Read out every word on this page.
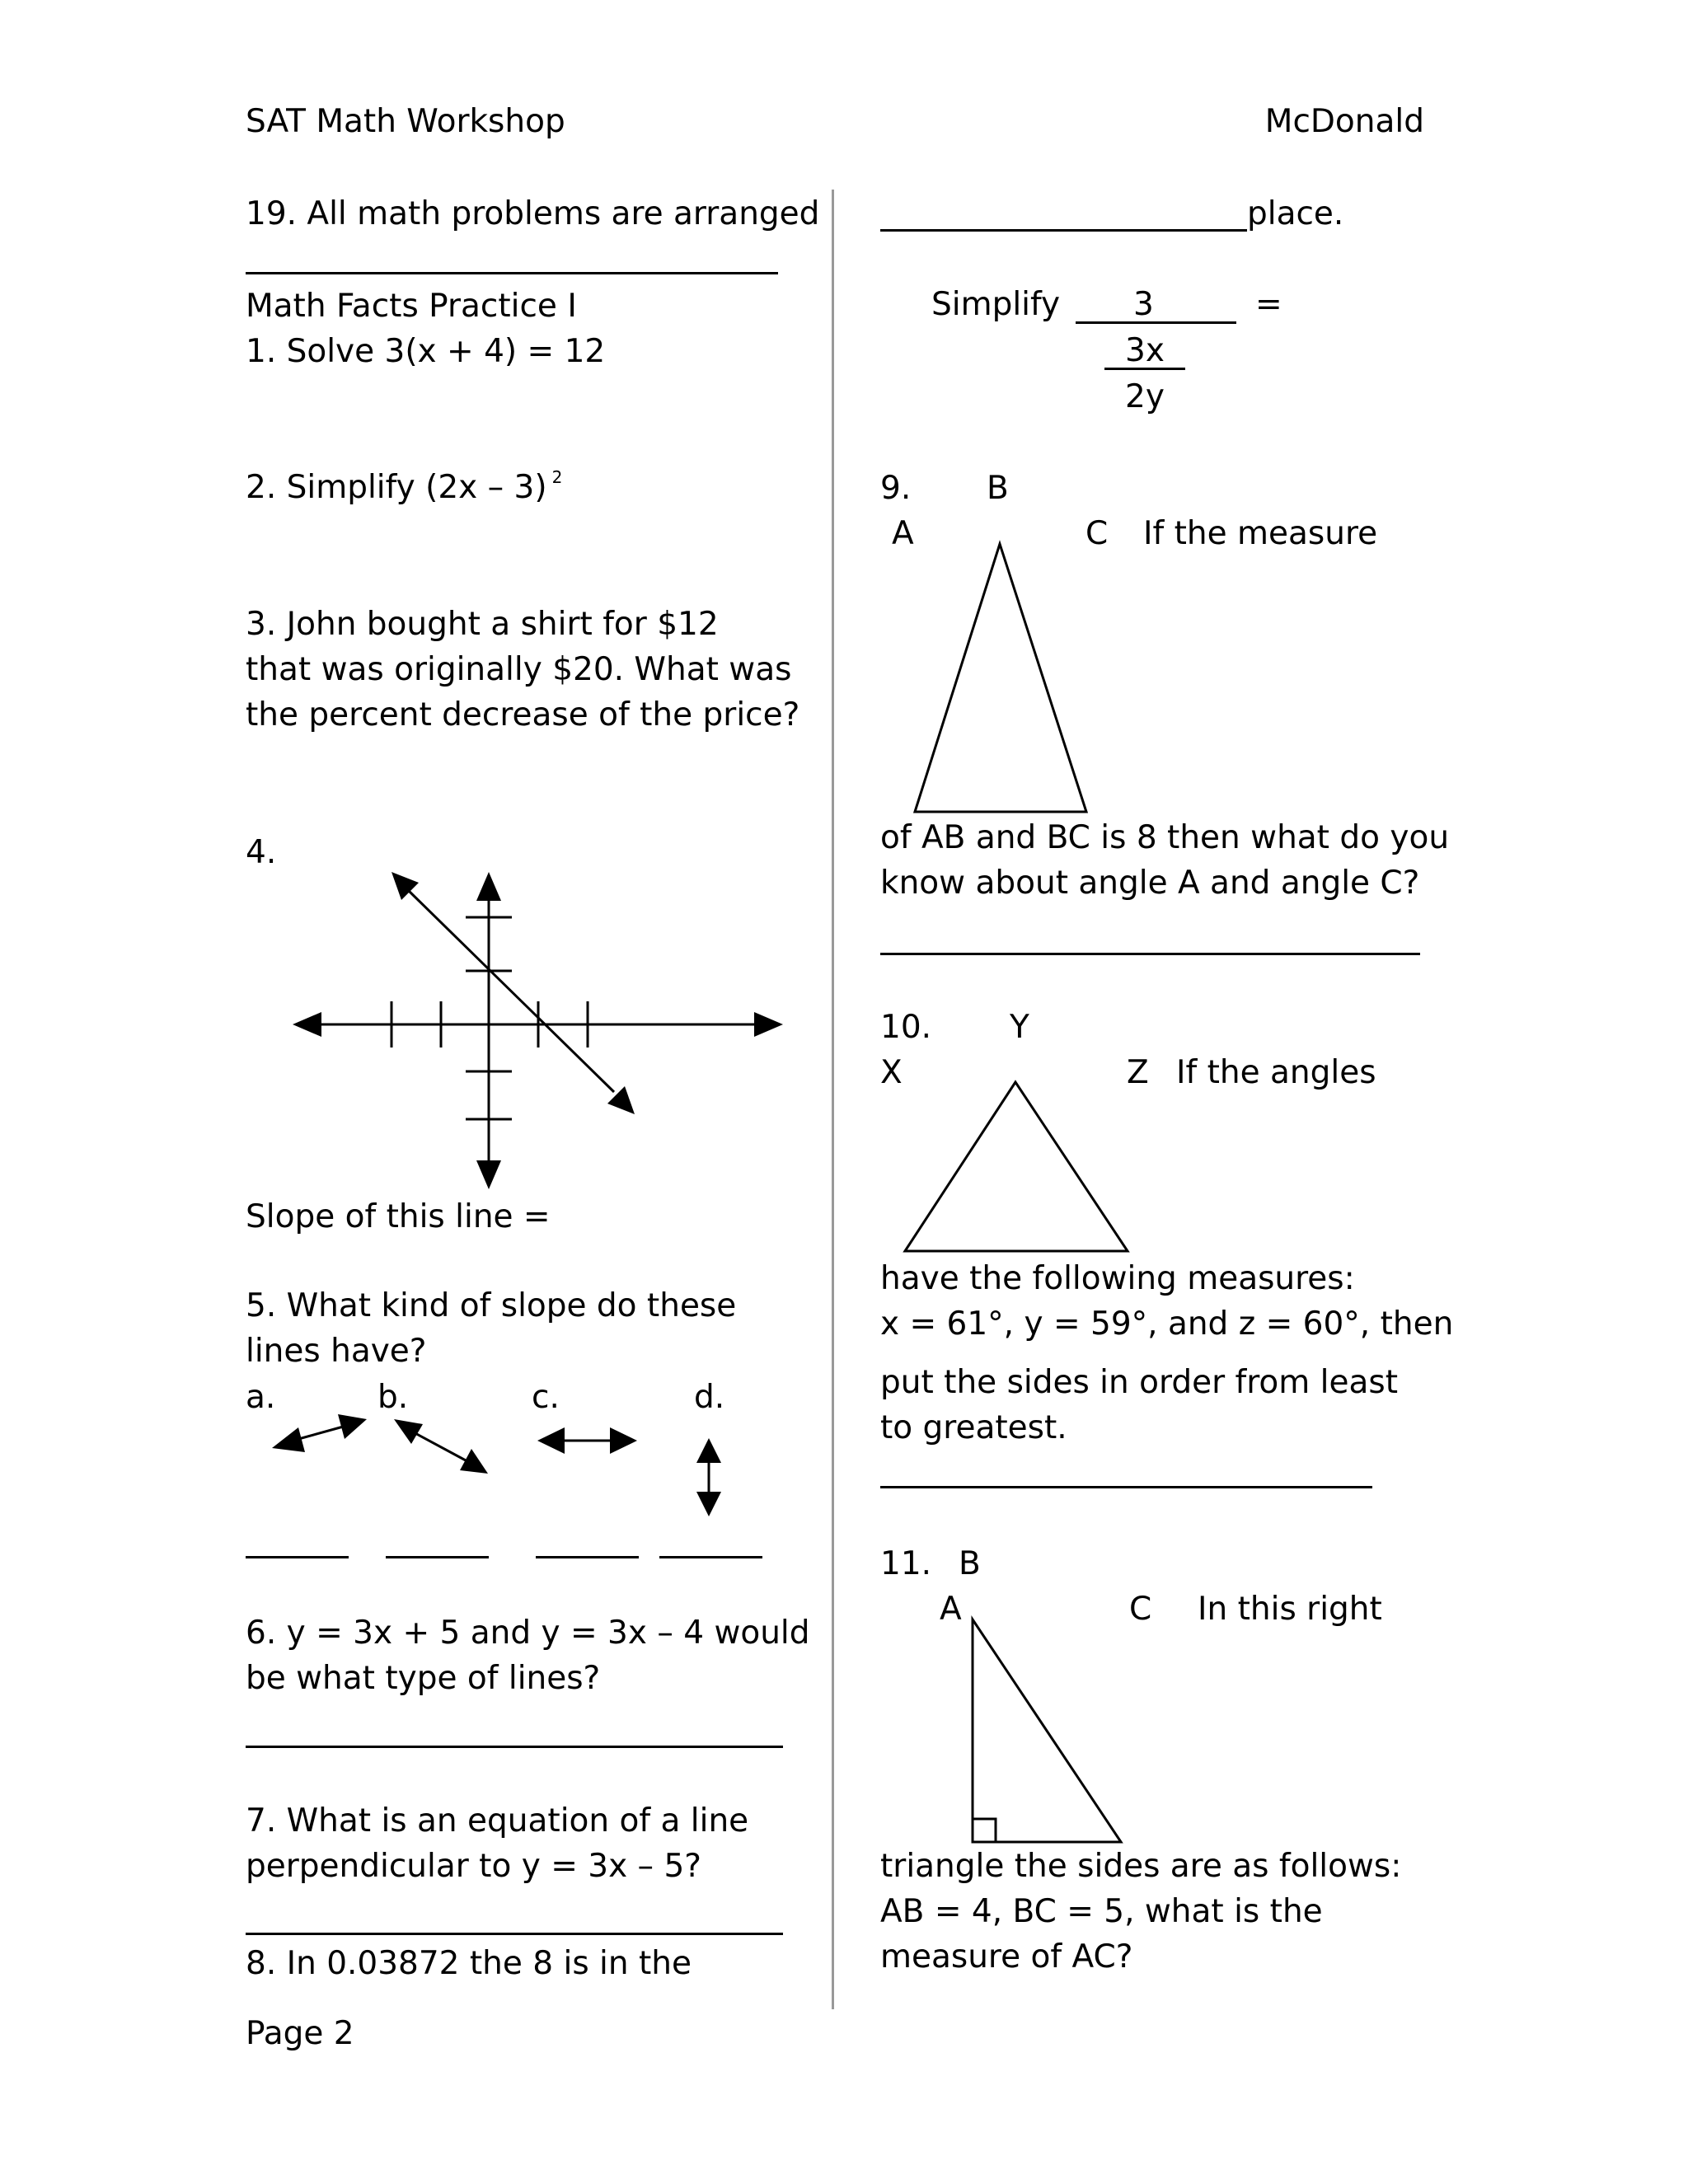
SAT Math Workshop	McDonald
19. All math problems are arranged
Math Facts Practice I
1. Solve 3(x + 4) = 12
2. Simplify (2x – 3) $^2$
3. John bought a shirt for $12
that was originally $20. What was
the percent decrease of the price?
4.
Slope of this line =
5. What kind of slope do these
lines have?
a.	b.	c.	d.
6. y = 3x + 5 and y = 3x – 4 would
be what type of lines?
7. What is an equation of a line
perpendicular to y = 3x – 5?
8. In 0.03872 the 8 is in the
Page 2
place.
Simplify 3	=
3x
2y
9. B
A	C If the measure
of AB and BC is 8 then what do you
know about angle A and angle C?
10. Y
X	Z If the angles
have the following measures:
x = 61°, y = 59°, and z = 60°, then
put the sides in order from least
to greatest.
11. B
A	C In this right
triangle the sides are as follows:
AB = 4, BC = 5, what is the
measure of AC?
